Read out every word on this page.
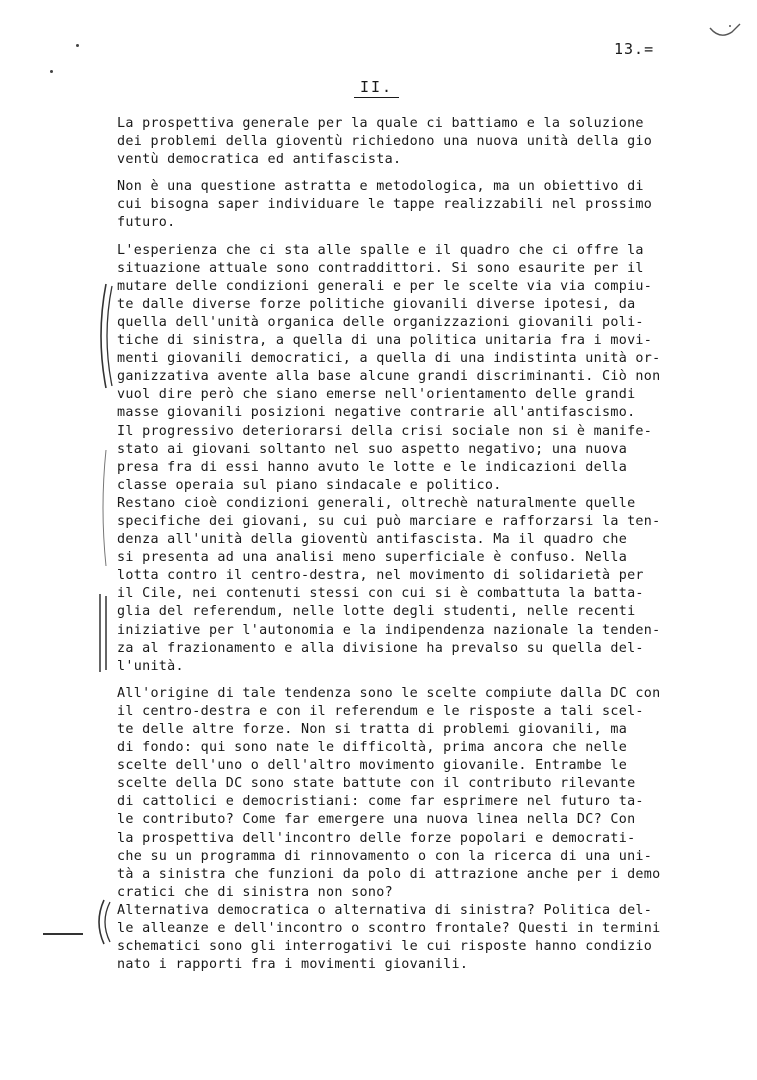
13.=
II.

La prospettiva generale per la quale ci battiamo e la soluzione
dei problemi della gioventù richiedono una nuova unità della gio
ventù democratica ed antifascista.

Non è una questione astratta e metodologica, ma un obiettivo di
cui bisogna saper individuare le tappe realizzabili nel prossimo
futuro.

L'esperienza che ci sta alle spalle e il quadro che ci offre la
situazione attuale sono contraddittori. Si sono esaurite per il
mutare delle condizioni generali e per le scelte via via compiu-
te dalle diverse forze politiche giovanili diverse ipotesi, da
quella dell'unità organica delle organizzazioni giovanili poli-
tiche di sinistra, a quella di una politica unitaria fra i movi-
menti giovanili democratici, a quella di una indistinta unità or-
ganizzativa avente alla base alcune grandi discriminanti. Ciò non
vuol dire però che siano emerse nell'orientamento delle grandi
masse giovanili posizioni negative contrarie all'antifascismo.
Il progressivo deteriorarsi della crisi sociale non si è manife-
stato ai giovani soltanto nel suo aspetto negativo; una nuova
presa fra di essi hanno avuto le lotte e le indicazioni della
classe operaia sul piano sindacale e politico.
Restano cioè condizioni generali, oltrechè naturalmente quelle
specifiche dei giovani, su cui può marciare e rafforzarsi la ten-
denza all'unità della gioventù antifascista. Ma il quadro che
si presenta ad una analisi meno superficiale è confuso. Nella
lotta contro il centro-destra, nel movimento di solidarietà per
il Cile, nei contenuti stessi con cui si è combattuta la batta-
glia del referendum, nelle lotte degli studenti, nelle recenti
iniziative per l'autonomia e la indipendenza nazionale la tenden-
za al frazionamento e alla divisione ha prevalso su quella del-
l'unità.

All'origine di tale tendenza sono le scelte compiute dalla DC con
il centro-destra e con il referendum e le risposte a tali scel-
te delle altre forze. Non si tratta di problemi giovanili, ma
di fondo: qui sono nate le difficoltà, prima ancora che nelle
scelte dell'uno o dell'altro movimento giovanile. Entrambe le
scelte della DC sono state battute con il contributo rilevante
di cattolici e democristiani: come far esprimere nel futuro ta-
le contributo? Come far emergere una nuova linea nella DC? Con
la prospettiva dell'incontro delle forze popolari e democrati-
che su un programma di rinnovamento o con la ricerca di una uni-
tà a sinistra che funzioni da polo di attrazione anche per i demo
cratici che di sinistra non sono?
Alternativa democratica o alternativa di sinistra? Politica del-
le alleanze e dell'incontro o scontro frontale? Questi in termini
schematici sono gli interrogativi le cui risposte hanno condizio
nato i rapporti fra i movimenti giovanili.
